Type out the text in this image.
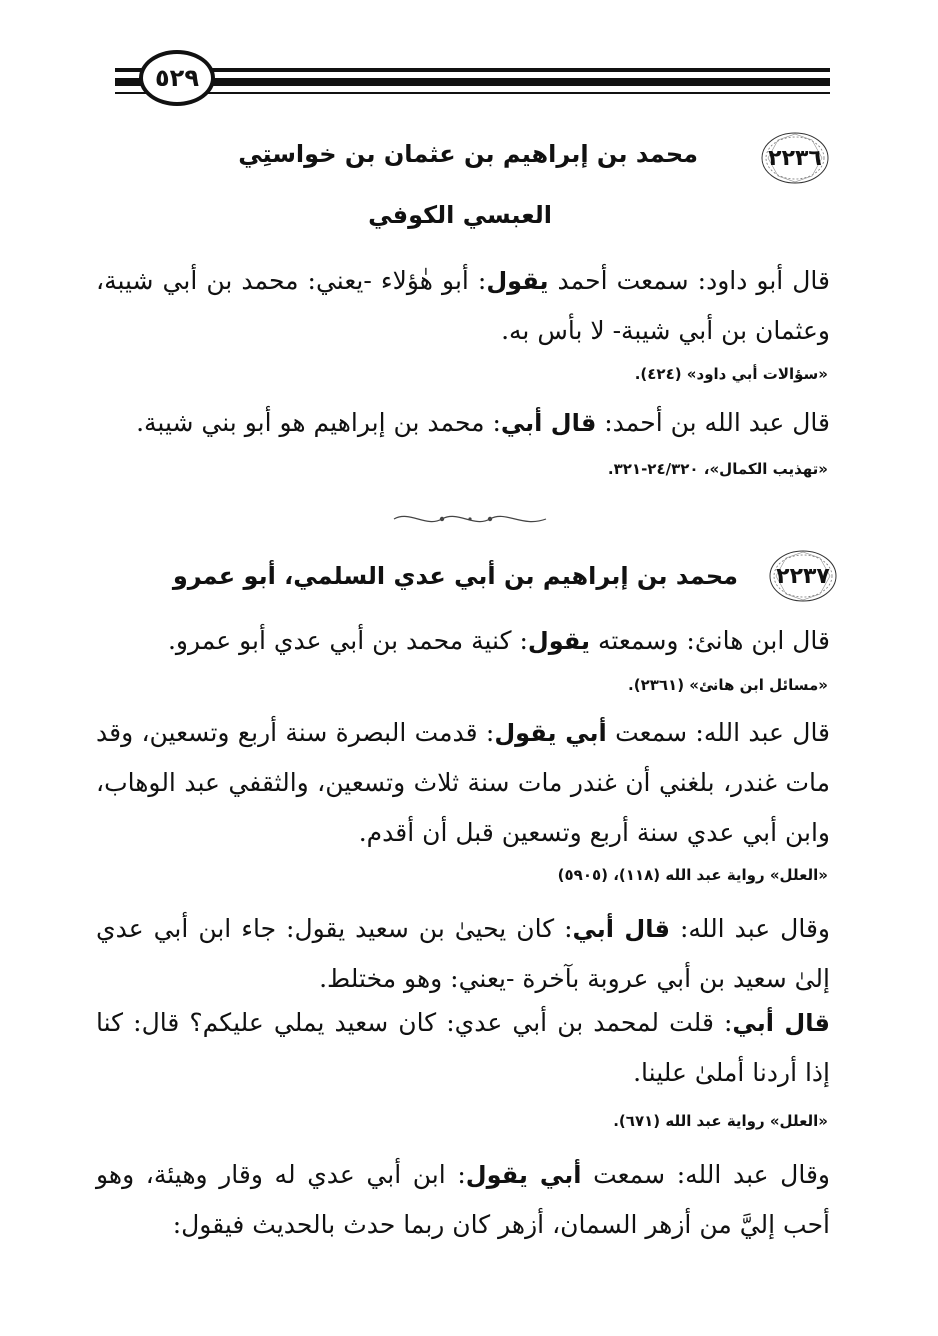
٥٢٩
٢٢٣٦
محمد بن إبراهيم بن عثمان بن خواستِي
العبسي الكوفي
قال أبو داود: سمعت أحمد يقول: أبو هٰؤلاء -يعني: محمد بن أبي شيبة، وعثمان بن أبي شيبة- لا بأس به.
«سؤالات أبي داود» (٤٢٤).
قال عبد الله بن أحمد: قال أبي: محمد بن إبراهيم هو أبو بني شيبة.
«تهذيب الكمال»، ٢٤/٣٢٠-٣٢١.
٢٢٣٧
محمد بن إبراهيم بن أبي عدي السلمي، أبو عمرو
قال ابن هانئ: وسمعته يقول: كنية محمد بن أبي عدي أبو عمرو.
«مسائل ابن هانئ» (٢٣٦١).
قال عبد الله: سمعت أبي يقول: قدمت البصرة سنة أربع وتسعين، وقد مات غندر، بلغني أن غندر مات سنة ثلاث وتسعين، والثقفي عبد الوهاب، وابن أبي عدي سنة أربع وتسعين قبل أن أقدم.
«العلل» رواية عبد الله (١١٨)، (٥٩٠٥)
وقال عبد الله: قال أبي: كان يحيىٰ بن سعيد يقول: جاء ابن أبي عدي إلىٰ سعيد بن أبي عروبة بآخرة -يعني: وهو مختلط.
قال أبي: قلت لمحمد بن أبي عدي: كان سعيد يملي عليكم؟ قال: كنا إذا أردنا أملىٰ علينا.
«العلل» رواية عبد الله (٦٧١).
وقال عبد الله: سمعت أبي يقول: ابن أبي عدي له وقار وهيئة، وهو أحب إليَّ من أزهر السمان، أزهر كان ربما حدث بالحديث فيقول:
